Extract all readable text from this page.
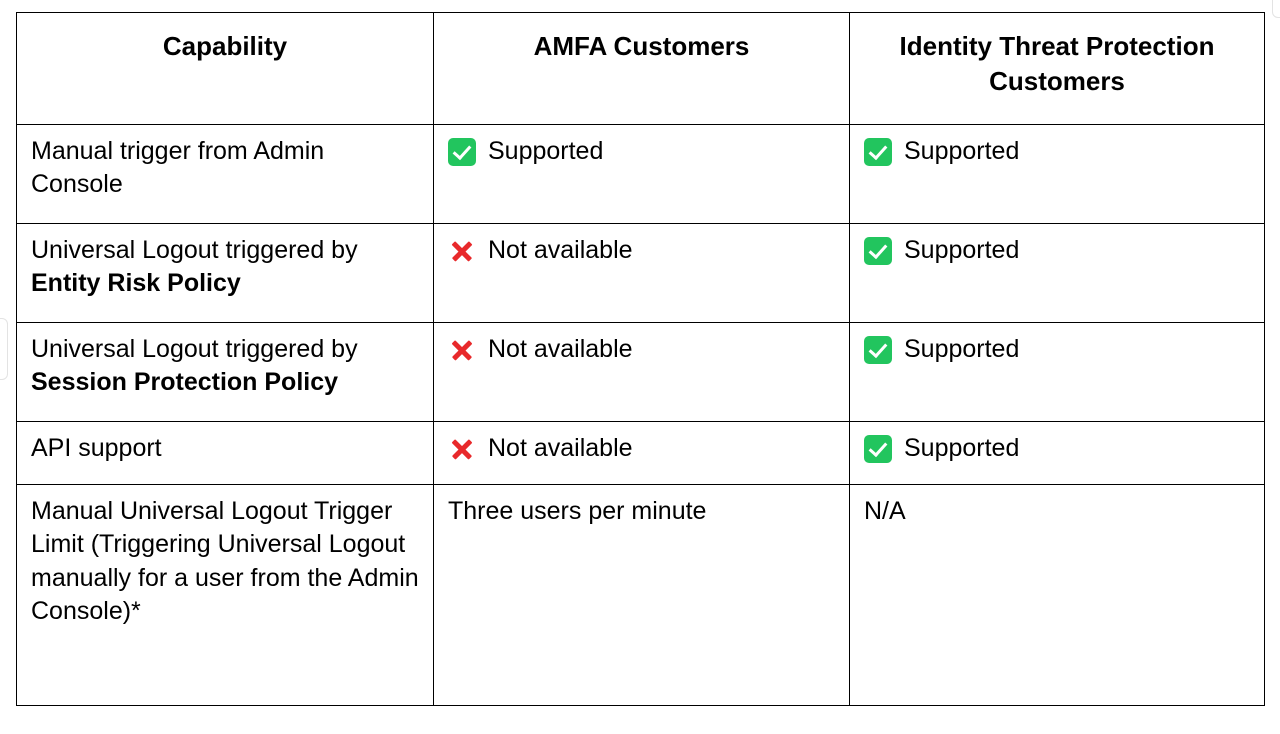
Capability	AMFA Customers	Identity Threat Protection Customers
Manual trigger from Admin Console	Supported	Supported

Universal Logout triggered by Entity Risk Policy	Not available	Supported

Universal Logout triggered by Session Protection Policy	Not available	Supported

API support	Not available	Supported

Manual Universal Logout Trigger Limit (Triggering Universal Logout manually for a user from the Admin Console)*	Three users per minute	N/A
